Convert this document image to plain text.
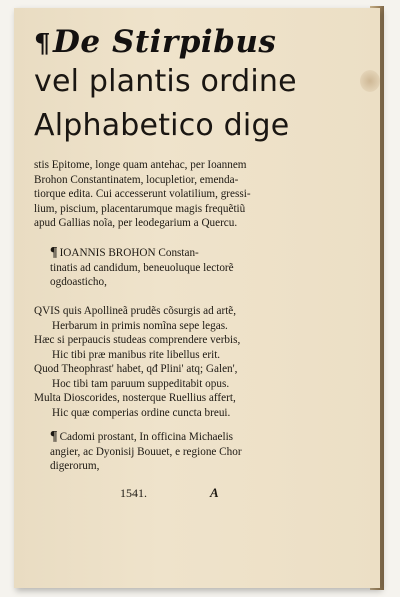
¶De Stirpibus
vel plantis ordine
Alphabetico dige
stis Epitome, longe quam antehac, per Ioannem
Brohon Constantinatem, locupletior, emenda-
tiorque edita. Cui accesserunt volatilium, gressi-
lium, piscium, placentarumque magis frequẽtiũ
apud Gallias noĩa, per leodegarium a Quercu.
¶ IOANNIS BROHON Constan-
tinatis ad candidum, beneuoluque lectorẽ
ogdoasticho,
QVIS quis Apollineã prudẽs cõsurgis ad artẽ,
Herbarum in primis nomĩna sepe legas.
Hæc si perpaucis studeas comprendere verbis,
Hic tibi præ manibus rite libellus erit.
Quod Theophrast' habet, qđ Plini' atq; Galen',
Hoc tibi tam paruum suppeditabit opus.
Multa Dioscorides, nosterque Ruellius affert,
Hic quæ comperias ordine cuncta breui.
¶ Cadomi prostant, In officina Michaelis
angier, ac Dyonisij Bouuet, e regione Chor
digerorum,
1541.	A
